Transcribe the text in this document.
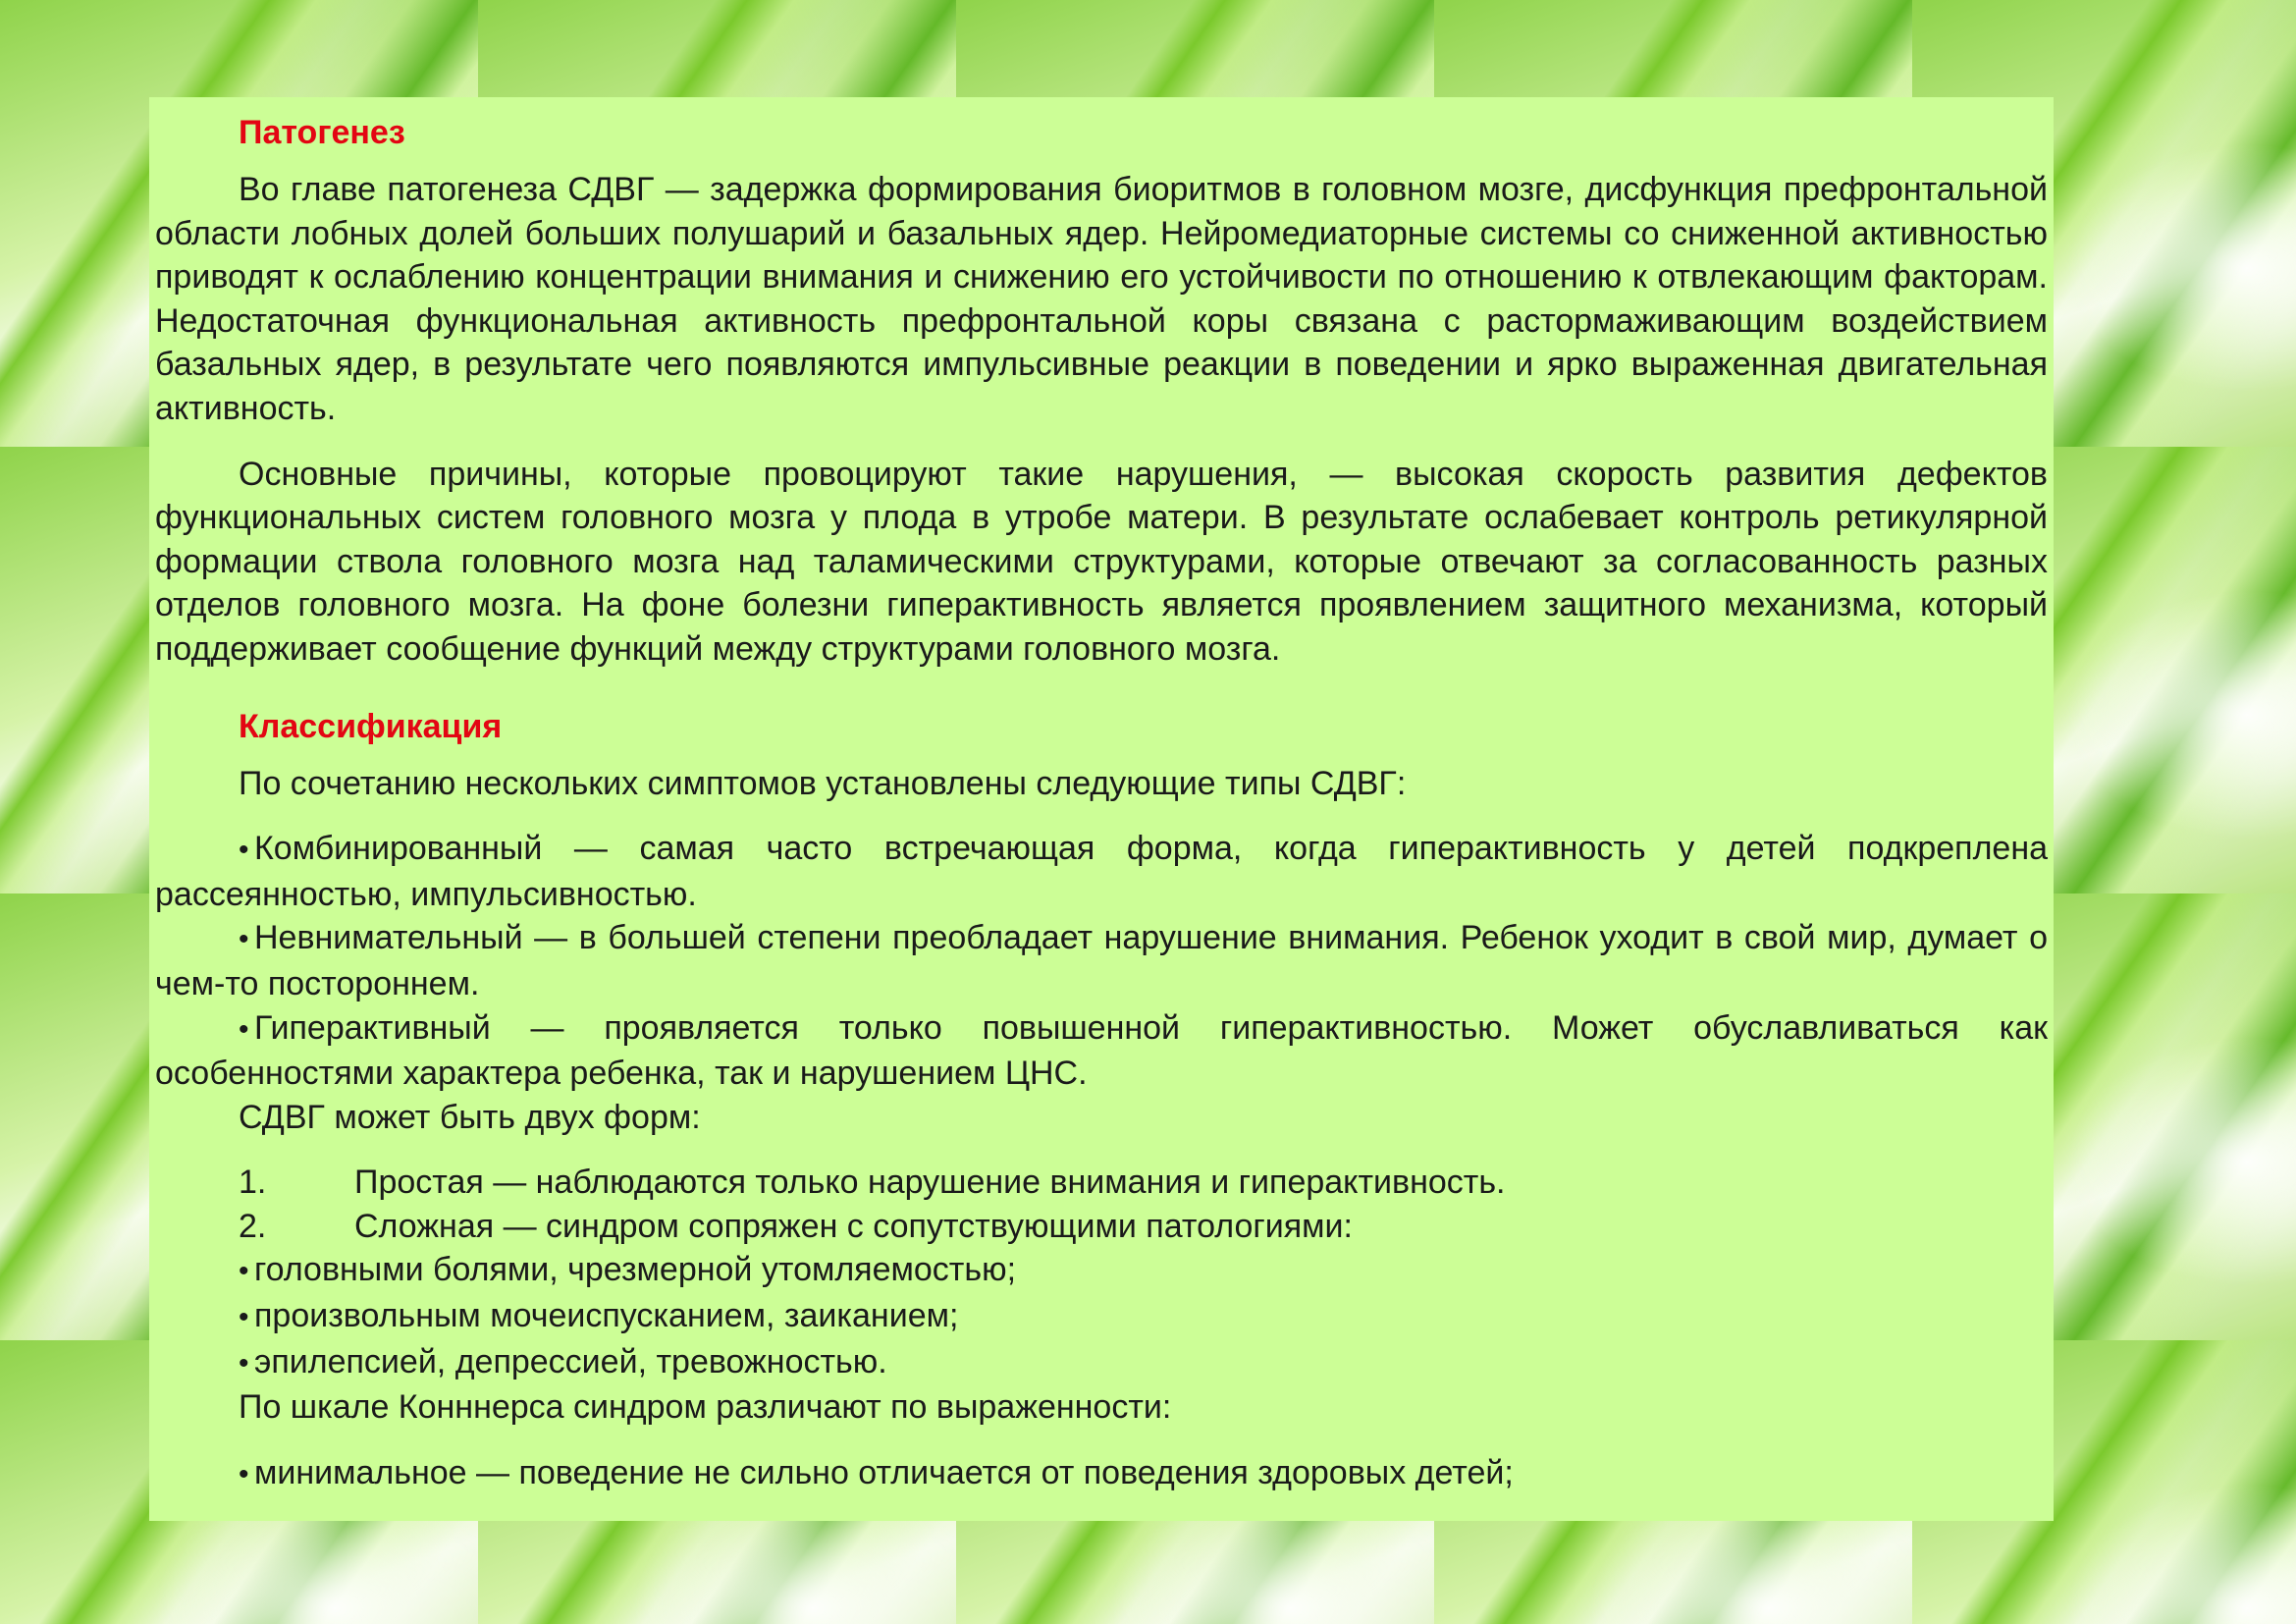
Патогенез

Во главе патогенеза СДВГ — задержка формирования биоритмов в головном мозге, дисфункция префронтальной области лобных долей больших полушарий и базальных ядер. Нейромедиаторные системы со сниженной активностью приводят к ослаблению концентрации внимания и снижению его устойчивости по отношению к отвлекающим факторам. Недостаточная функциональная активность префронтальной коры связана с растормаживающим воздействием базальных ядер, в результате чего появляются импульсивные реакции в поведении и ярко выраженная двигательная активность.

Основные причины, которые провоцируют такие нарушения, — высокая скорость развития дефектов функциональных систем головного мозга у плода в утробе матери. В результате ослабевает контроль ретикулярной формации ствола головного мозга над таламическими структурами, которые отвечают за согласованность разных отделов головного мозга. На фоне болезни гиперактивность является проявлением защитного механизма, который поддерживает сообщение функций между структурами головного мозга.

Классификация

По сочетанию нескольких симптомов установлены следующие типы СДВГ:

• Комбинированный — самая часто встречающая форма, когда гиперактивность у детей подкреплена рассеянностью, импульсивностью.

• Невнимательный — в большей степени преобладает нарушение внимания. Ребенок уходит в свой мир, думает о чем-то постороннем.

• Гиперактивный — проявляется только повышенной гиперактивностью. Может обуславливаться как особенностями характера ребенка, так и нарушением ЦНС.

СДВГ может быть двух форм:

1.	Простая — наблюдаются только нарушение внимания и гиперактивность.
2.	Сложная — синдром сопряжен с сопутствующими патологиями:

• головными болями, чрезмерной утомляемостью;

• произвольным мочеиспусканием, заиканием;

• эпилепсией, депрессией, тревожностью.

По шкале Конннерса синдром различают по выраженности:

• минимальное — поведение не сильно отличается от поведения здоровых детей;
